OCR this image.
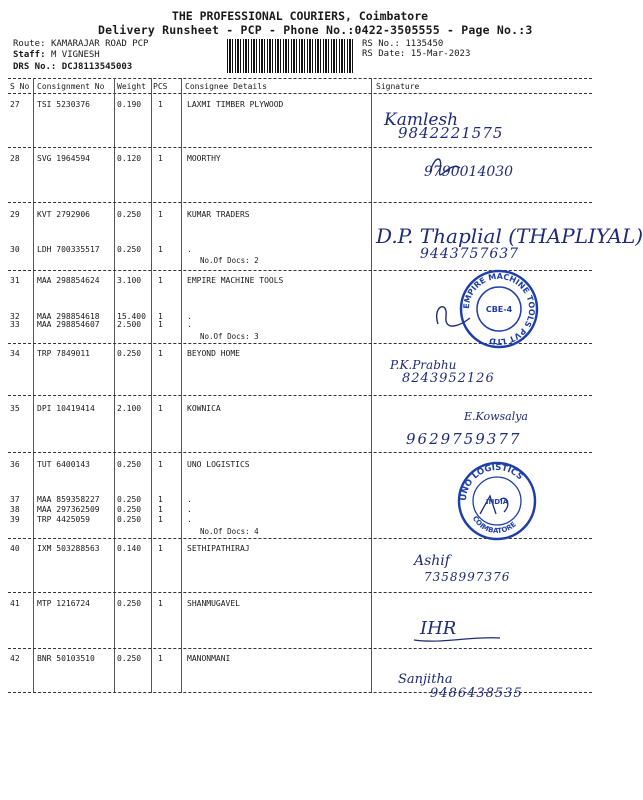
THE PROFESSIONAL COURIERS, Coimbatore
Delivery Runsheet - PCP - Phone No.:0422-3505555 - Page No.:3
Route: KAMARAJAR ROAD PCP
Staff: M VIGNESH
DRS No.: DCJ8113545003
RS No.: 1135450
RS Date: 15-Mar-2023
S No Consignment No Weight PCS Consignee Details	Signature
27 TSI 5230376	0.190 1	LAXMI TIMBER PLYWOOD
28 SVG 1964594	0.120 1	MOORTHY
29 KVT 2792906	0.250 1	KUMAR TRADERS
30 LDH 700335517 0.250 1	.
31 MAA 298854624 3.100 1	EMPIRE MACHINE TOOLS
32 MAA 298854618 15.400 1	.
33 MAA 298854607 2.500 1	.
34 TRP 7849011	0.250 1	BEYOND HOME
35 DPI 10419414	2.100 1	KOWNICA
36 TUT 6400143	0.250 1	UNO LOGISTICS
37 MAA 859358227 0.250 1	.
38 MAA 297362509 0.250 1	.
39 TRP 4425059	0.250 1	.
40 IXM 503288563 0.140 1	SETHIPATHIRAJ
41 MTP 1216724	0.250 1	SHANMUGAVEL
42 BNR 50103510	0.250 1	MANONMANI
No.Of Docs: 2
No.Of Docs: 3
No.Of Docs: 4
Kamlesh
9842221575
9790014030
D.P. Thaplial (THAPLIYAL)
9443757637
P.K.Prabhu
8243952126
E.Kowsalya
9629759377
Ashif
7358997376
IHR
Sanjitha
9486438535
EMPIRE MACHINE TOOLS PVT LTD
CBE-4
UNO LOGISTICS
COIMBATORE
INDIA
